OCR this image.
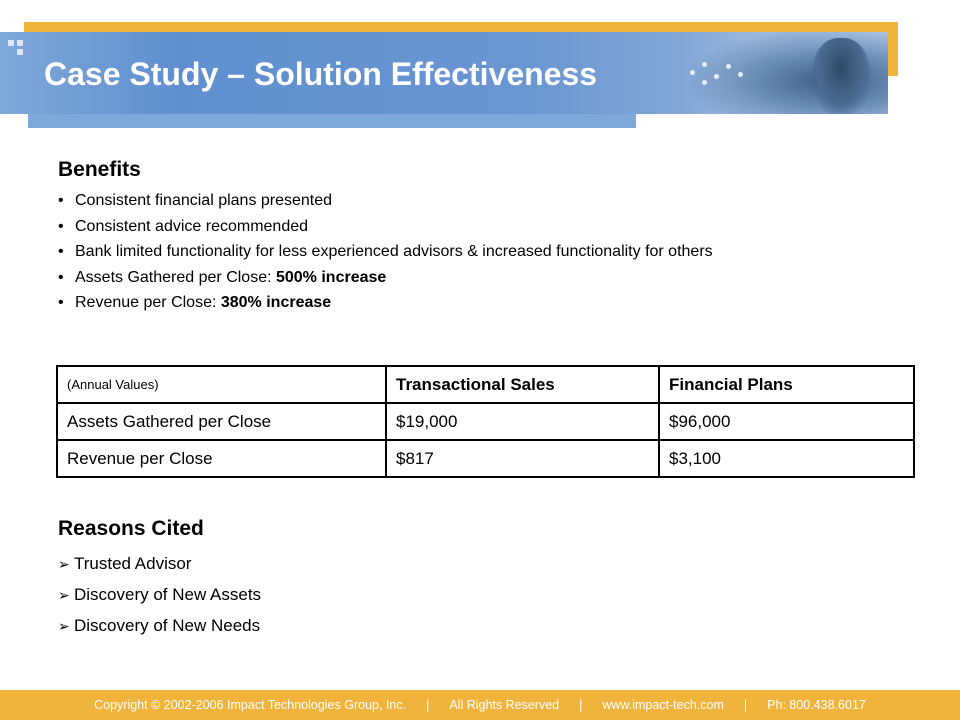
Case Study – Solution Effectiveness
Benefits
• Consistent financial plans presented
• Consistent advice recommended
• Bank limited functionality for less experienced advisors & increased functionality for others
• Assets Gathered per Close: 500% increase
• Revenue per Close: 380% increase
(Annual Values)	Transactional Sales	Financial Plans
Assets Gathered per Close	$19,000	$96,000
Revenue per Close	$817	$3,100
Reasons Cited
➢ Trusted Advisor
➢ Discovery of New Assets
➢ Discovery of New Needs
Copyright © 2002-2006 Impact Technologies Group, Inc. | All Rights Reserved | www.impact-tech.com | Ph: 800.438.6017
